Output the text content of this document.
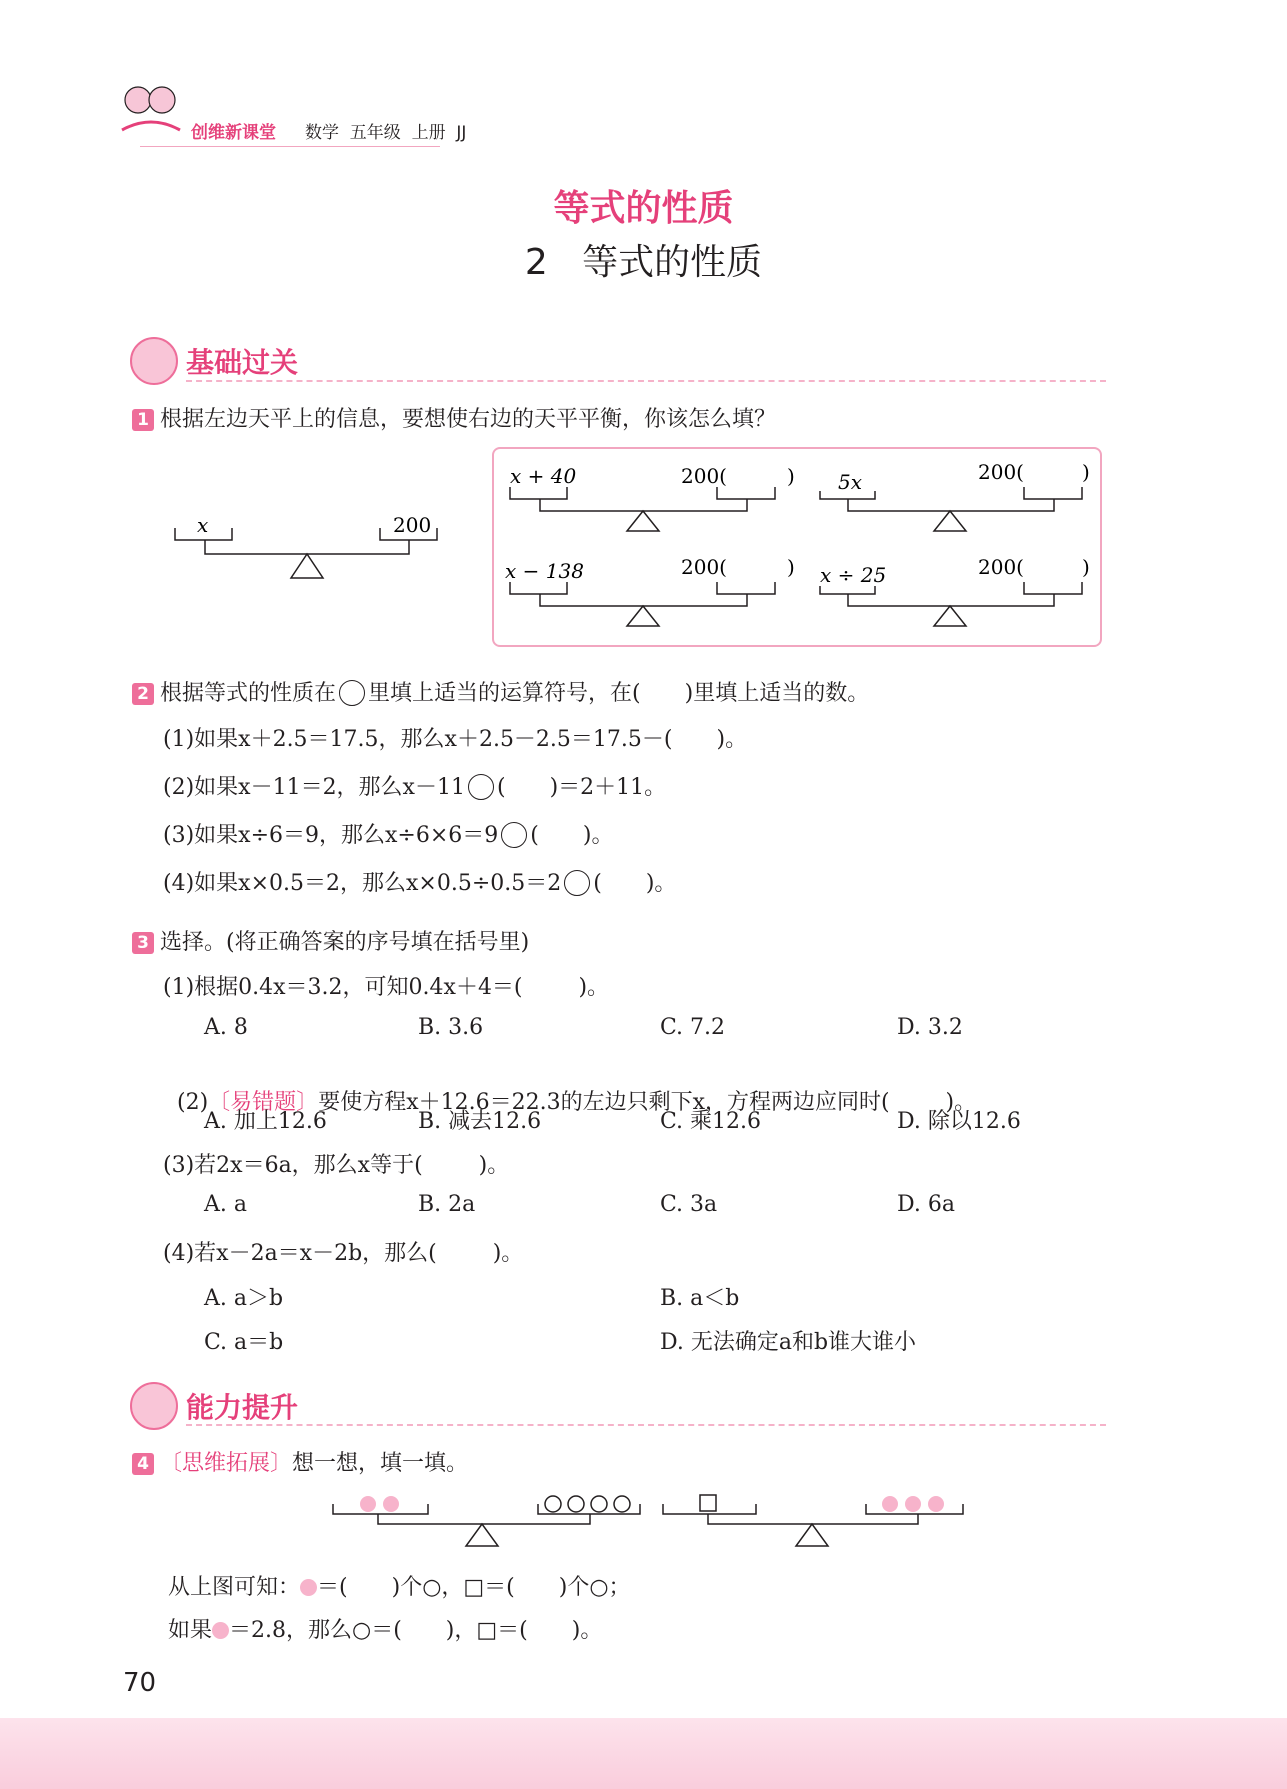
创维新课堂 数学  五年级  上册  JJ
等式的性质
2   等式的性质
基础过关
1 根据左边天平上的信息，要想使右边的天平平衡，你该怎么填？
x	200
x + 40	200(	) 5x	200(	)
x − 138	200(	) x ÷ 25	200(	)
2 根据等式的性质在 里填上适当的运算符号，在( )里填上适当的数。
(1)如果x＋2.5＝17.5，那么x＋2.5－2.5＝17.5－( )。
(2)如果x－11＝2，那么x－11 ( )＝2＋11。
(3)如果x÷6＝9，那么x÷6×6＝9 ( )。
(4)如果x×0.5＝2，那么x×0.5÷0.5＝2 ( )。
3 选择。(将正确答案的序号填在括号里)
(1)根据0.4x＝3.2，可知0.4x＋4＝(        )。
A. 8	B. 3.6	C. 7.2	D. 3.2

(2)〔易错题〕要使方程x＋12.6＝22.3的左边只剩下x，方程两边应同时(        )。

A. 加上12.6	B. 减去12.6	C. 乘12.6	D. 除以12.6
(3)若2x＝6a，那么x等于(        )。
A. a	B. 2a	C. 3a	D. 6a
(4)若x－2a＝x－2b，那么(        )。
A. a＞b	B. a＜b
C. a＝b	D. 无法确定a和b谁大谁小
能力提升
4 〔思维拓展〕想一想，填一填。
从上图可知： ＝( )个○，□＝( )个○；
如果 ＝2.8，那么○＝( )，□＝( )。
70
